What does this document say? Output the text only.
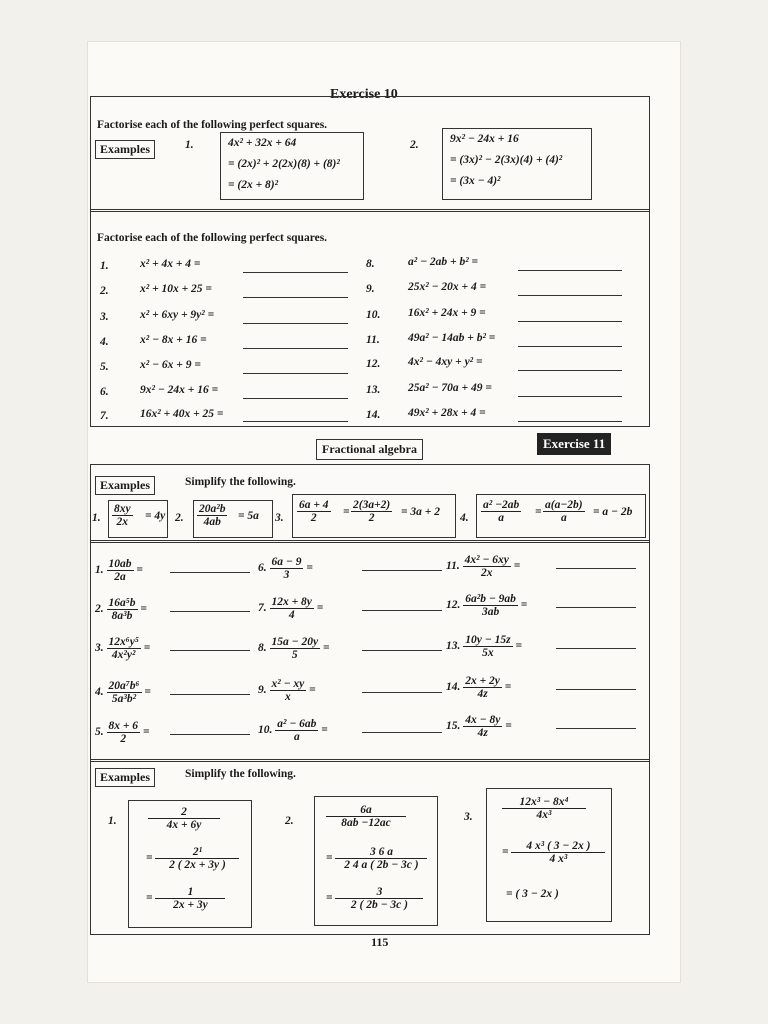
Exercise 10
Factorise each of the following perfect squares.
Examples	1.	4x² + 32x + 64
= (2x)² + 2(2x)(8) + (8)²
= (2x + 8)²
2.	9x² − 24x + 16
= (3x)² − 2(3x)(4) + (4)²
= (3x − 4)²
Factorise each of the following perfect squares.
1.	x² + 4x + 4 =
2.	x² + 10x + 25 =
3.	x² + 6xy + 9y² =
4.	x² − 8x + 16 =
5.	x² − 6x + 9 =
6.	9x² − 24x + 16 =
7.	16x² + 40x + 25 =
8.	a² − 2ab + b² =
9.	25x² − 20x + 4 =
10. 16x² + 24x + 9 =
11. 49a² − 14ab + b² =
12. 4x² − 4xy + y² =
13. 25a² − 70a + 49 =
14. 49x² + 28x + 4 =
Fractional algebra	Exercise 11
Examples	Simplify the following.
1. $\frac{8xy}{2x} = 4y$ 2. $\frac{\text{20a²b}}{4ab} = 5a$ 3. $\frac{6a + 4}{2} = \frac{2(3a+2)}{2} = 3a + 2$ 4. $\frac{\text{a² −2ab}}{a} = \frac{a(a-2b)}{a} = a - 2b$
1. $\frac{10ab}{2a}$ =
2. $\frac{\text{16a⁵b}}{\text{8a³b}}$ =
3. $\frac{\text{12x⁶y⁵}}{\text{4x²y²}}$ =
4. $\frac{\text{20a⁷b⁶}}{\text{5a³b²}}$ =
5. $\frac{8x + 6}{2}$ =
6. $\frac{6a - 9}{3}$ =
7. $\frac{12x + 8y}{4}$ =
8. $\frac{15a - 20y}{5}$ =
9. $\frac{\text{x² − xy}}{x}$ =
10. $\frac{\text{a² − 6ab}}{a}$ =
11. $\frac{\text{4x² − 6xy}}{2x}$ =
12. $\frac{\text{6a²b − 9ab}}{3ab}$ =
13. $\frac{10y - 15z}{5x}$ =
14. $\frac{2x + 2y}{4z}$ =
15. $\frac{4x - 8y}{4z}$ =
Examples	Simplify the following.
1.	$\frac{2}{4x + 6y}$
= $\frac{\text{2¹}}{2 ( 2x + 3y )}$
= $\frac{1}{2x + 3y}$
2.	$\frac{6a}{8ab -12ac}$
= $\frac{3 6 a}{2 4 a ( 2b - 3c )}$
= $\frac{3}{2 ( 2b - 3c )}$
3.	$\frac{\text{12x³ − 8x⁴}}{\text{4x³}}$
= $\frac{\text{4 x³ ( 3 − 2x )}}{\text{4 x³}}$
= ( 3 − 2x )
115
